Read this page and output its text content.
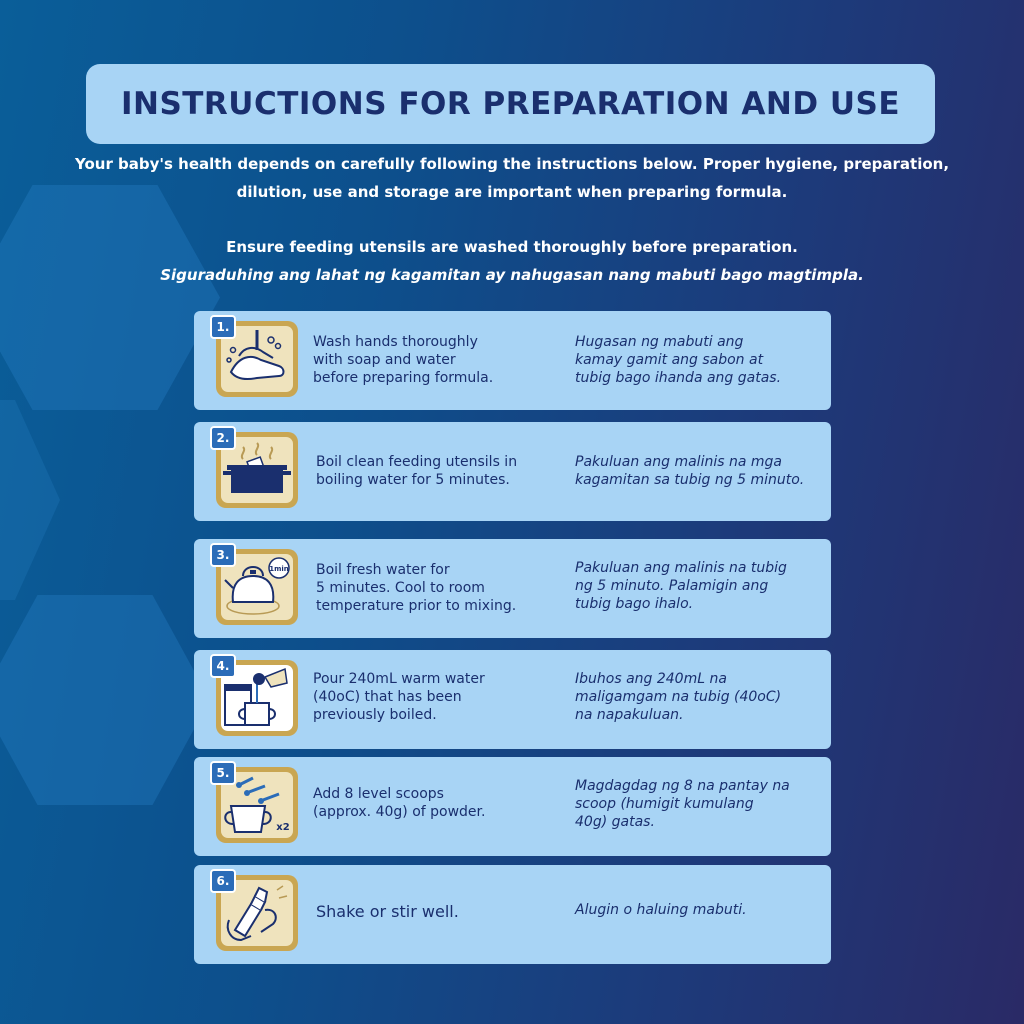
INSTRUCTIONS FOR PREPARATION AND USE

Your baby's health depends on carefully following the instructions below. Proper hygiene, preparation,

dilution, use and storage are important when preparing formula.

Ensure feeding utensils are washed thoroughly before preparation.

Siguraduhing ang lahat ng kagamitan ay nahugasan nang mabuti bago magtimpla.

1.
Wash hands thoroughly
with soap and water
before preparing formula.
Hugasan ng mabuti ang
kamay gamit ang sabon at
tubig bago ihanda ang gatas.
2.
Boil clean feeding utensils in
boiling water for 5 minutes.
Pakuluan ang malinis na mga
kagamitan sa tubig ng 5 minuto.
1min
3.
Boil fresh water for
5 minutes. Cool to room
temperature prior to mixing.
Pakuluan ang malinis na tubig
ng 5 minuto. Palamigin ang
tubig bago ihalo.
4.
Pour 240mL warm water
(40oC) that has been
previously boiled.
Ibuhos ang 240mL na
maligamgam na tubig (40oC)
na napakuluan.
x2
5.
Add 8 level scoops
(approx. 40g) of powder.
Magdagdag ng 8 na pantay na
scoop (humigit kumulang
40g) gatas.
6.
Shake or stir well.	Alugin o haluing mabuti.
